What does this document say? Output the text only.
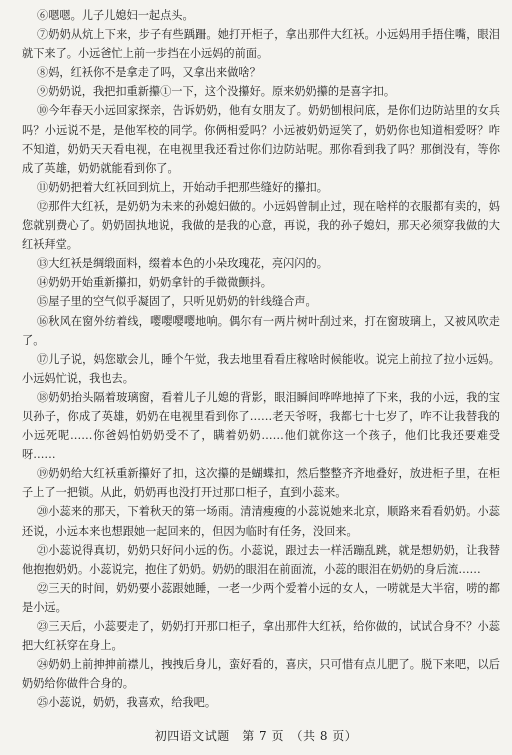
⑥嗯嗯。儿子儿媳妇一起点头。

⑦奶奶从炕上下来，步子有些踽跚。她打开柜子，拿出那件大红袄。小远妈用手捂住嘴，眼泪就下来了。小远爸忙上前一步挡在小远妈的前面。

⑧妈，红袄你不是拿走了吗，又拿出来做啥？

⑨奶奶说，我把扣重新攥①一下，这个没攥好。原来奶奶攥的是喜字扣。

⑩今年春天小远回家探亲，告诉奶奶，他有女朋友了。奶奶刨根问底，是你们边防站里的女兵吗？小远说不是，是他军校的同学。你俩相爱吗？小远被奶奶逗笑了，奶奶你也知道相爱呀？咋不知道，奶奶天天看电视，在电视里我还看过你们边防站呢。那你看到我了吗？那倒没有，等你成了英雄，奶奶就能看到你了。

⑪奶奶把着大红袄回到炕上，开始动手把那些缝好的攥扣。

⑫那件大红袄，是奶奶为未来的孙媳妇做的。小远妈曾制止过，现在啥样的衣服都有卖的，妈您就别费心了。奶奶固执地说，我做的是我的心意，再说，我的孙子媳妇，那天必须穿我做的大红袄拜堂。

⑬大红袄是绸缎面料，缀着本色的小朵玫瑰花，亮闪闪的。

⑭奶奶开始重新攥扣，奶奶拿针的手微微颤抖。

⑮屋子里的空气似乎凝固了，只听见奶奶的针线缝合声。

⑯秋风在窗外纺着线，嘤嘤嘤嘤地响。偶尔有一两片树叶刮过来，打在窗玻璃上，又被风吹走了。

⑰儿子说，妈您歇会儿，睡个午觉，我去地里看看庄稼啥时候能收。说完上前拉了拉小远妈。小远妈忙说，我也去。

⑱奶奶抬头隔着玻璃窗，看着儿子儿媳的背影，眼泪瞬间哗哗地掉了下来，我的小远，我的宝贝孙子，你成了英雄，奶奶在电视里看到你了……老天爷呀，我都七十七岁了，咋不让我替我的小远死呢……你爸妈怕奶奶受不了，瞒着奶奶……他们就你这一个孩子，他们比我还要难受呀……

⑲奶奶给大红袄重新攥好了扣，这次攥的是蝴蝶扣，然后整整齐齐地叠好，放进柜子里，在柜子上了一把锁。从此，奶奶再也没打开过那口柜子，直到小蕊来。

⑳小蕊来的那天，下着秋天的第一场雨。清清瘦瘦的小蕊说她来北京，顺路来看看奶奶。小蕊还说，小远本来也想跟她一起回来的，但因为临时有任务，没回来。

㉑小蕊说得真切，奶奶只好问小远的伤。小蕊说，跟过去一样活蹦乱跳，就是想奶奶，让我替他抱抱奶奶。小蕊说完，抱住了奶奶。奶奶的眼泪在前面流，小蕊的眼泪在奶奶的身后流……

㉒三天的时间，奶奶要小蕊跟她睡，一老一少两个爱着小远的女人，一唠就是大半宿，唠的都是小远。

㉓三天后，小蕊要走了，奶奶打开那口柜子，拿出那件大红袄，给你做的，试试合身不？小蕊把大红袄穿在身上。

㉔奶奶上前抻抻前襟儿，拽拽后身儿，蛮好看的，喜庆，只可惜有点儿肥了。脱下来吧，以后奶奶给你做件合身的。

㉕小蕊说，奶奶，我喜欢，给我吧。

初四语文试题　第 7 页　（共 8 页）
